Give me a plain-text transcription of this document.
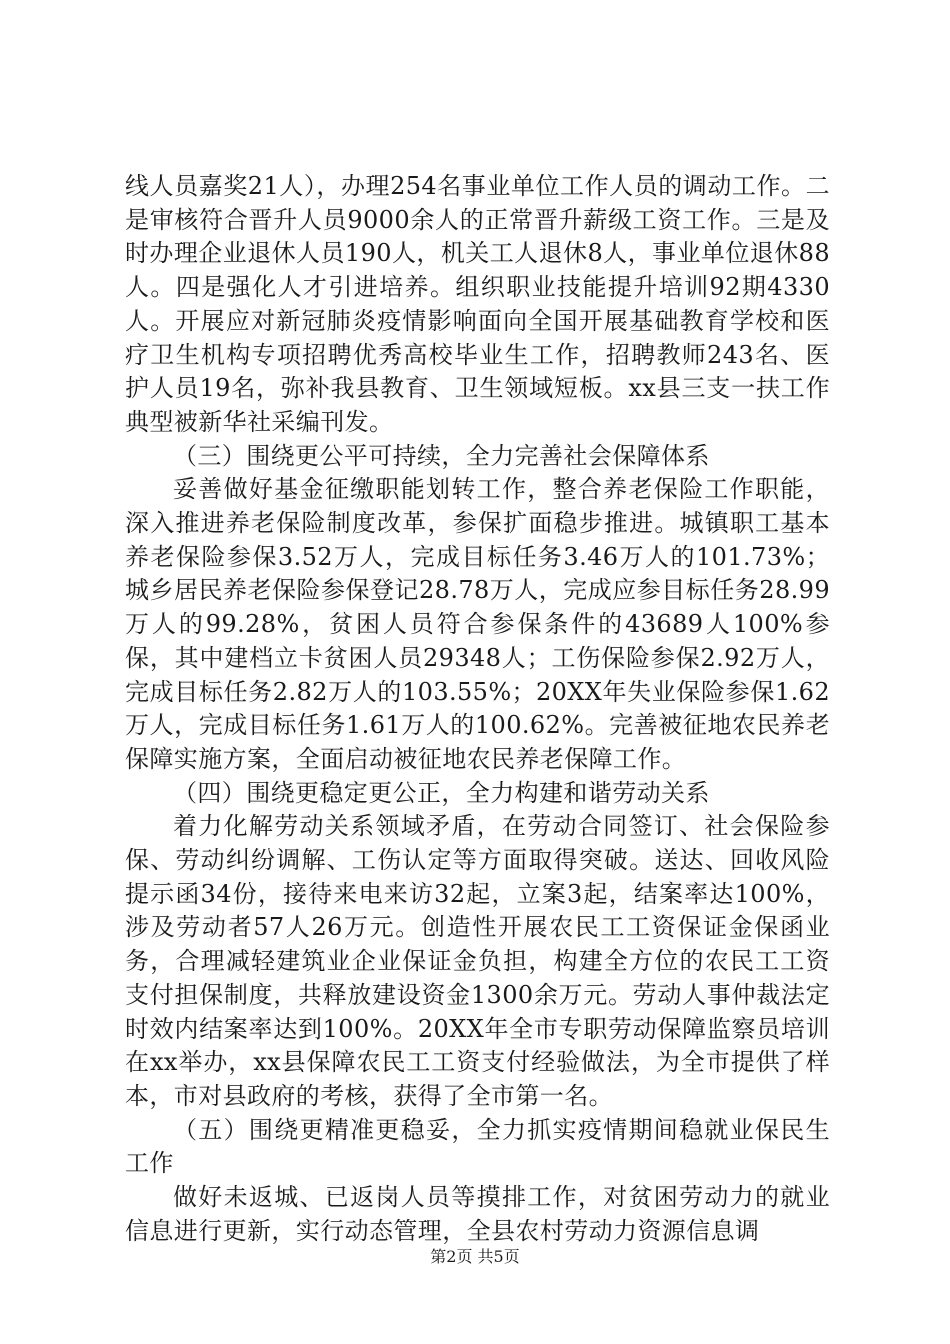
线人员嘉奖21人），办理254名事业单位工作人员的调动工作。二是审核符合晋升人员9000余人的正常晋升薪级工资工作。三是及时办理企业退休人员190人，机关工人退休8人，事业单位退休88人。四是强化人才引进培养。组织职业技能提升培训92期4330人。开展应对新冠肺炎疫情影响面向全国开展基础教育学校和医疗卫生机构专项招聘优秀高校毕业生工作，招聘教师243名、医护人员19名，弥补我县教育、卫生领域短板。xx县三支一扶工作典型被新华社采编刊发。

（三）围绕更公平可持续，全力完善社会保障体系

妥善做好基金征缴职能划转工作，整合养老保险工作职能，深入推进养老保险制度改革，参保扩面稳步推进。城镇职工基本养老保险参保3.52万人，完成目标任务3.46万人的101.73%；城乡居民养老保险参保登记28.78万人，完成应参目标任务28.99万人的99.28%，贫困人员符合参保条件的43689人100%参保，其中建档立卡贫困人员29348人；工伤保险参保2.92万人，完成目标任务2.82万人的103.55%；20XX年失业保险参保1.62万人，完成目标任务1.61万人的100.62%。完善被征地农民养老保障实施方案，全面启动被征地农民养老保障工作。

（四）围绕更稳定更公正，全力构建和谐劳动关系

着力化解劳动关系领域矛盾，在劳动合同签订、社会保险参保、劳动纠纷调解、工伤认定等方面取得突破。送达、回收风险提示函34份，接待来电来访32起，立案3起，结案率达100%，涉及劳动者57人26万元。创造性开展农民工工资保证金保函业务，合理减轻建筑业企业保证金负担，构建全方位的农民工工资支付担保制度，共释放建设资金1300余万元。劳动人事仲裁法定时效内结案率达到100%。20XX年全市专职劳动保障监察员培训在xx举办，xx县保障农民工工资支付经验做法，为全市提供了样本，市对县政府的考核，获得了全市第一名。

（五）围绕更精准更稳妥，全力抓实疫情期间稳就业保民生工作

做好未返城、已返岗人员等摸排工作，对贫困劳动力的就业信息进行更新，实行动态管理，全县农村劳动力资源信息调

第2页 共5页
